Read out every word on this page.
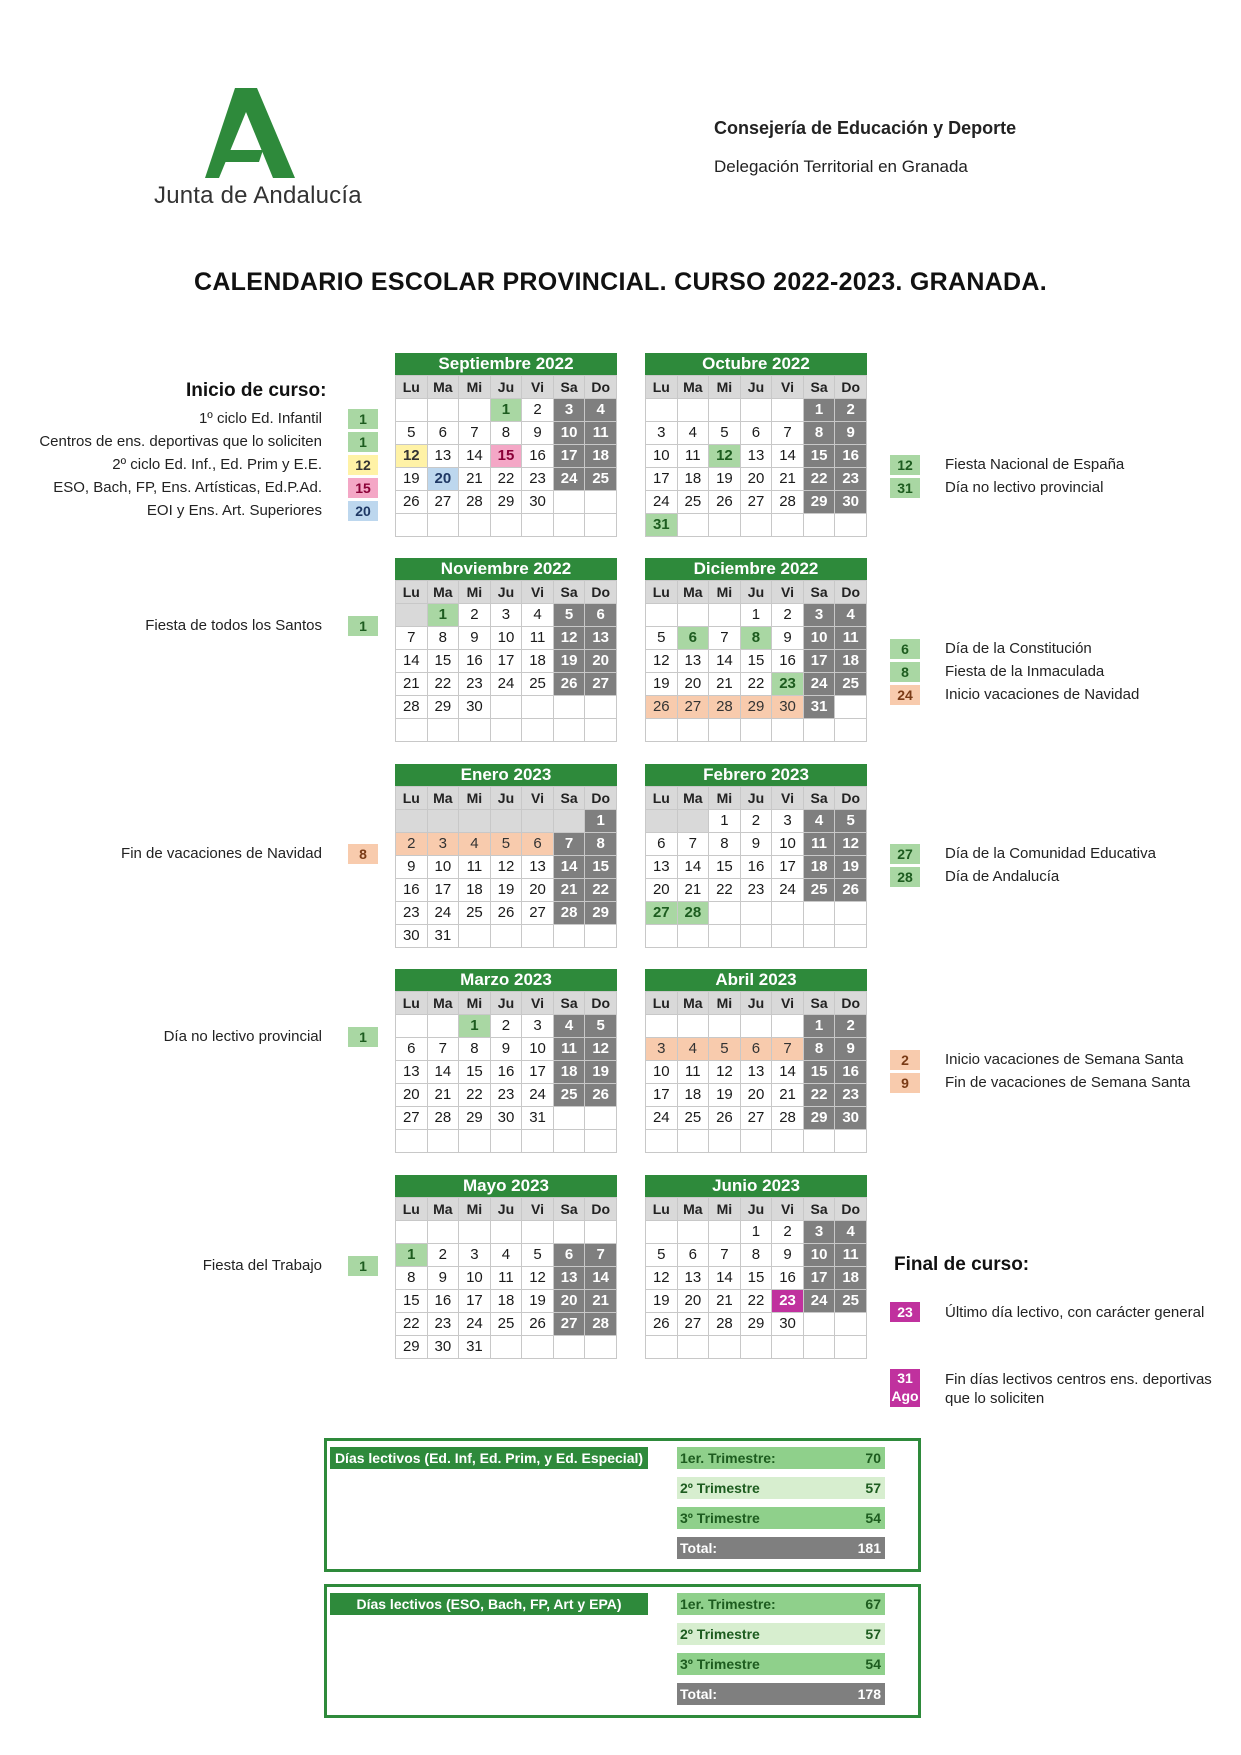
Junta de Andalucía
Consejería de Educación y Deporte
Delegación Territorial en Granada
CALENDARIO ESCOLAR PROVINCIAL. CURSO 2022-2023. GRANADA.
Septiembre 2022
Lu	Ma	Mi	Ju	Vi	Sa	Do
			1	2	3	4
5	6	7	8	9	10	11
12	13	14	15	16	17	18
19	20	21	22	23	24	25
26	27	28	29	30		

Octubre 2022
Lu	Ma	Mi	Ju	Vi	Sa	Do
					1	2
3	4	5	6	7	8	9
10	11	12	13	14	15	16
17	18	19	20	21	22	23
24	25	26	27	28	29	30
31						
Noviembre 2022
Lu	Ma	Mi	Ju	Vi	Sa	Do
	1	2	3	4	5	6
7	8	9	10	11	12	13
14	15	16	17	18	19	20
21	22	23	24	25	26	27
28	29	30				

Diciembre 2022
Lu	Ma	Mi	Ju	Vi	Sa	Do
			1	2	3	4
5	6	7	8	9	10	11
12	13	14	15	16	17	18
19	20	21	22	23	24	25
26	27	28	29	30	31	

Enero 2023
Lu	Ma	Mi	Ju	Vi	Sa	Do
						1
2	3	4	5	6	7	8
9	10	11	12	13	14	15
16	17	18	19	20	21	22
23	24	25	26	27	28	29
30	31					
Febrero 2023
Lu	Ma	Mi	Ju	Vi	Sa	Do
		1	2	3	4	5
6	7	8	9	10	11	12
13	14	15	16	17	18	19
20	21	22	23	24	25	26
27	28					

Marzo 2023
Lu	Ma	Mi	Ju	Vi	Sa	Do
		1	2	3	4	5
6	7	8	9	10	11	12
13	14	15	16	17	18	19
20	21	22	23	24	25	26
27	28	29	30	31		

Abril 2023
Lu	Ma	Mi	Ju	Vi	Sa	Do
					1	2
3	4	5	6	7	8	9
10	11	12	13	14	15	16
17	18	19	20	21	22	23
24	25	26	27	28	29	30

Mayo 2023
Lu	Ma	Mi	Ju	Vi	Sa	Do

1	2	3	4	5	6	7
8	9	10	11	12	13	14
15	16	17	18	19	20	21
22	23	24	25	26	27	28
29	30	31				
Junio 2023
Lu	Ma	Mi	Ju	Vi	Sa	Do
			1	2	3	4
5	6	7	8	9	10	11
12	13	14	15	16	17	18
19	20	21	22	23	24	25
26	27	28	29	30		

Inicio de curso:
1º ciclo Ed. Infantil	1
Centros de ens. deportivas que lo soliciten	1
2º ciclo Ed. Inf., Ed. Prim y E.E.	12
ESO, Bach, FP, Ens. Artísticas, Ed.P.Ad.	15
EOI y Ens. Art. Superiores	20
Fiesta de todos los Santos	1
Fin de vacaciones de Navidad	8
Día no lectivo provincial	1
Fiesta del Trabajo	1
12	Fiesta Nacional de España
31	Día no lectivo provincial
6	Día de la Constitución
8	Fiesta de la Inmaculada
24	Inicio vacaciones de Navidad
27	Día de la Comunidad Educativa
28	Día de Andalucía
2	Inicio vacaciones de Semana Santa
9	Fin de vacaciones de Semana Santa
Final de curso:
23	Último día lectivo, con carácter general
31
Ago
Fin días lectivos centros ens. deportivas
que lo soliciten
Días lectivos (Ed. Inf, Ed. Prim, y Ed. Especial)	1er. Trimestre:	70
2º Trimestre	57
3º Trimestre	54
Total:	181
Días lectivos (ESO, Bach, FP, Art y EPA)	1er. Trimestre:	67
2º Trimestre	57
3º Trimestre	54
Total:	178
